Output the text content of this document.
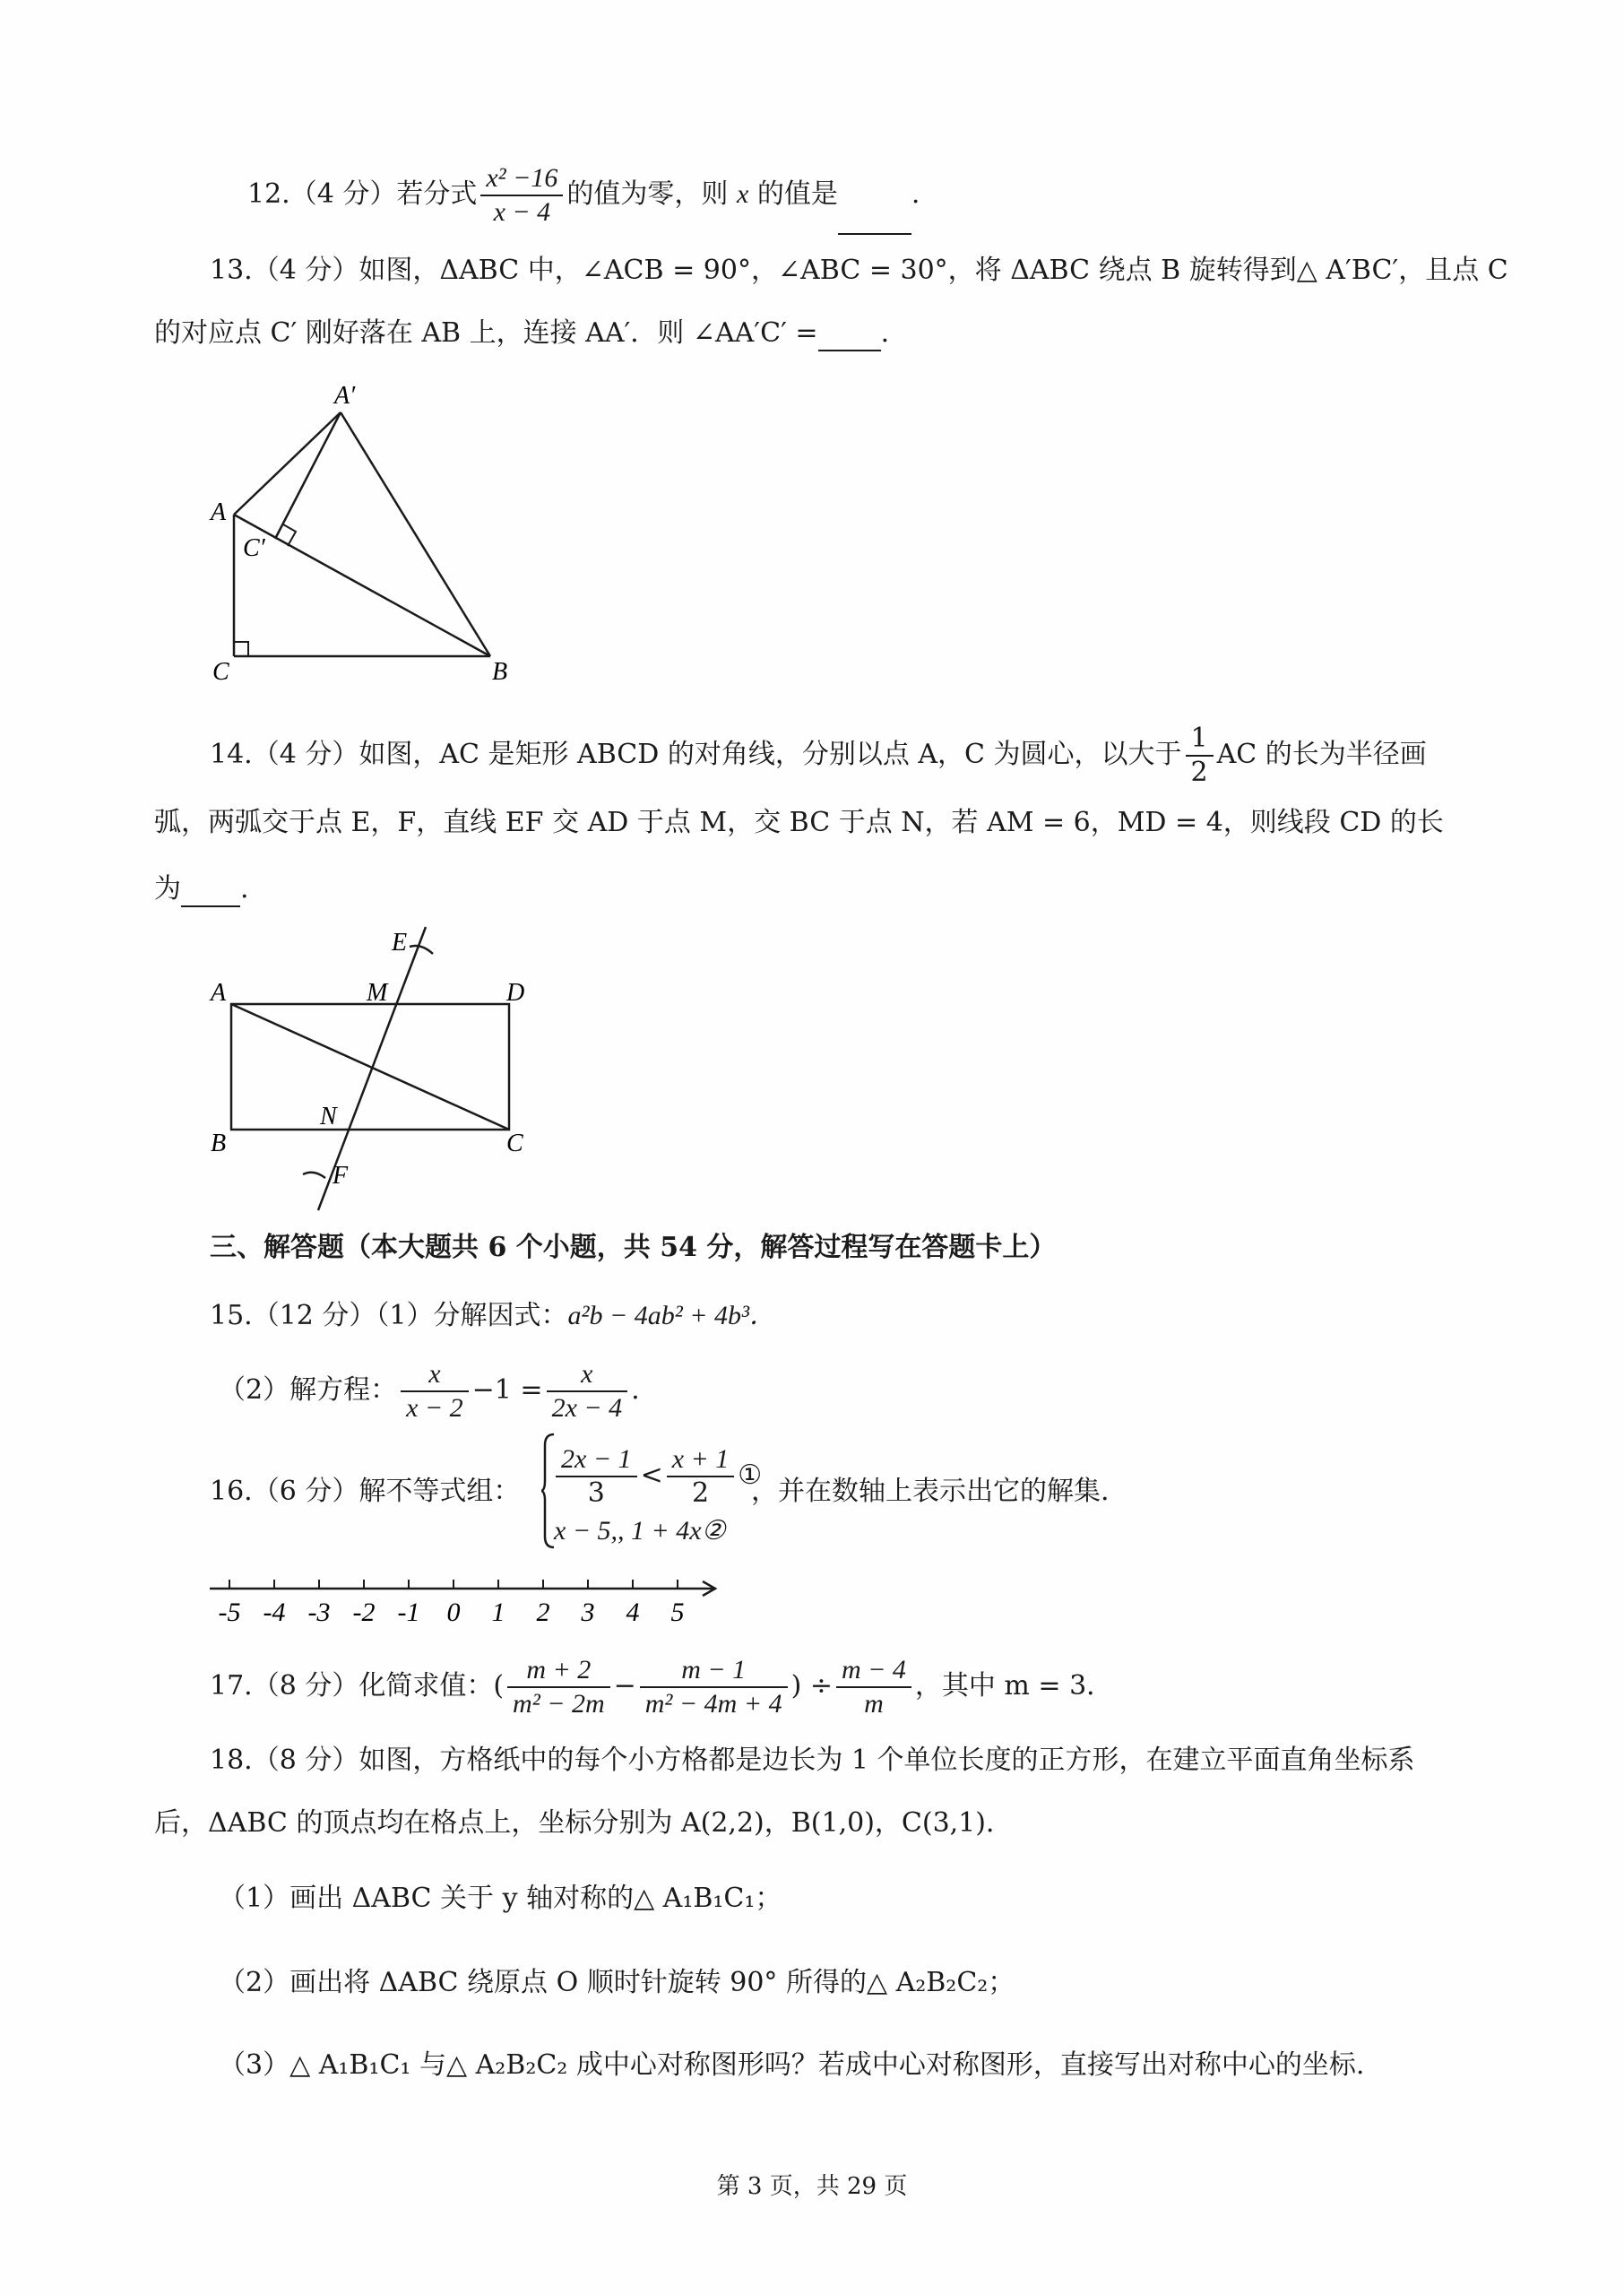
12.（4 分）若分式 $\frac{\text{x² −16}}{x - 4}$ 的值为零，则 x 的值是	.
13.（4 分）如图，ΔABC 中，∠ACB = 90°，∠ABC = 30°，将 ΔABC 绕点 B 旋转得到△ A′BC′，且点 C
的对应点 C′ 刚好落在 AB 上，连接 AA′．则 ∠AA′C′ = .
A′
A
C′
C	B
14.（4 分）如图，AC 是矩形 ABCD 的对角线，分别以点 A，C 为圆心，以大于 $\frac{1}{2}$ AC 的长为半径画
弧，两弧交于点 E，F，直线 EF 交 AD 于点 M，交 BC 于点 N，若 AM = 6，MD = 4，则线段 CD 的长
为 .
E
A	M	D
B
N
C
F
三、解答题（本大题共 6 个小题，共 54 分，解答过程写在答题卡上）
15.（12 分）（1）分解因式：a²b − 4ab² + 4b³．
（2）解方程： $\frac{x}{x - 2} -1 = \frac{x}{2x - 4}$ .
16.（6 分）解不等式组： $\frac{2x - 1}{3} < \frac{x + 1}{2}$ ①
x − 5,, 1 + 4x②
，并在数轴上表示出它的解集.
-5 -4 -3 -2 -1 0 1 2 3 4 5
17.（8 分）化简求值：( $\frac{m + 2}{\text{m² − 2m}} - \frac{m - 1}{\text{m² − 4m + 4}}$ ) ÷ $\frac{m - 4}{m}$ ，其中 m = 3．
18.（8 分）如图，方格纸中的每个小方格都是边长为 1 个单位长度的正方形，在建立平面直角坐标系
后，ΔABC 的顶点均在格点上，坐标分别为 A(2,2)，B(1,0)，C(3,1)．
（1）画出 ΔABC 关于 y 轴对称的△ A₁B₁C₁；
（2）画出将 ΔABC 绕原点 O 顺时针旋转 90° 所得的△ A₂B₂C₂；
（3）△ A₁B₁C₁ 与△ A₂B₂C₂ 成中心对称图形吗？若成中心对称图形，直接写出对称中心的坐标.
第 3 页，共 29 页
